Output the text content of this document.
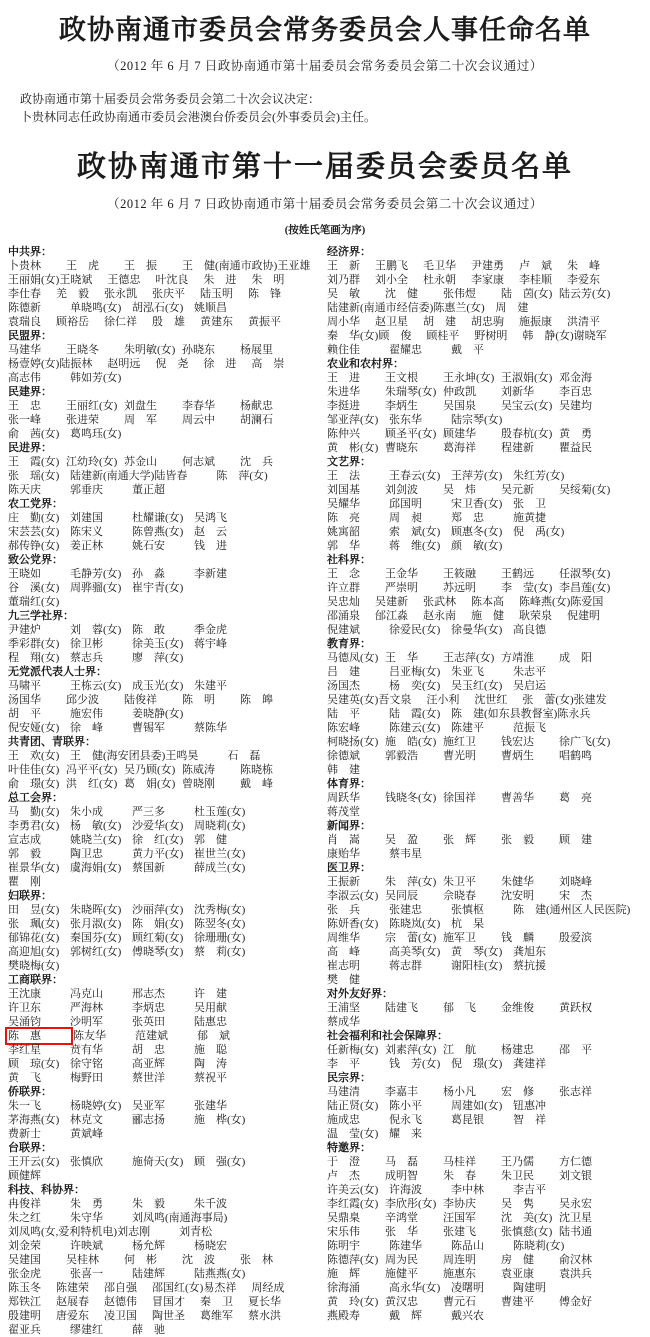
政协南通市委员会常务委员会人事任命名单
（2012 年 6 月 7 日政协南通市第十届委员会常务委员会第二十次会议通过）
政协南通市第十届委员会常务委员会第二十次会议决定：
卜贵林同志任政协南通市委员会港澳台侨委员会(外事委员会)主任。
政协南通市第十一届委员会委员名单
（2012 年 6 月 7 日政协南通市第十届委员会常务委员会第二十次会议通过）
(按姓氏笔画为序)
中共界：
卜贵林 王　虎 王　振 王　健(南通市政协)王亚雄
王丽娟(女)王晓斌 王德忠 叶沈良 朱　进 朱　明
李仕春 羌　毅 张永凯 张庆平 陆玉明 陈　锋
陈德新	单晓鸣(女) 胡泓石(女) 姚顺昌
袁瑞良 顾裕岳 徐仁祥 殷　雄 黄建东 黄振平
民盟界：
马建华 王晓冬 朱明敏(女) 孙晓东 杨展里
杨壹婷(女)陆振林 赵明远 倪　尧 徐　进 高　崇
高志伟	韩如芳(女)
民建界：
王　忠 王丽红(女) 刘盘生 李春华 杨献忠
张一峰 张进荣 周　军 周云中 胡澜石
俞　茜(女) 葛鸣珏(女)
民进界：
王　霞(女) 江幼玲(女) 苏金山 何志斌 沈　兵
张　瑶(女) 陆建新(南通大学)陆皆春	陈　萍(女)
陈天庆	郭垂庆	董正超
农工党界：
庄　勤(女) 刘建国	杜耀谦(女) 吴鸿飞
宋芸芸(女) 陈宋义	陈曾燕(女) 赵　云
郝传铮(女) 姜正林	姚石安	钱　进
致公党界：
王晓如	毛静芳(女) 孙　淼	李新建
谷　溪(女) 周骅骝(女) 崔宇青(女)
董瑞红(女)
九三学社界：
尹建炉	刘　蓉(女) 陈　敢	季金虎
季彩群(女) 徐卫彬	徐美玉(女) 蒋宇峰
程　翔(女) 蔡志兵	廖　萍(女)
无党派代表人士界：
马啸平	王栋云(女) 成玉光(女) 朱建平
汤国华 邱少波 陆俊祥 陈　明 陈　皞
胡　平	施宏伟	姜晓静(女)
倪安娅(女) 徐　峰	曹锡军	蔡陈华
共青团、青联界：
王　欢(女) 王　健(海安团县委)王鸣昊	石　磊
叶佳佳(女) 冯平平(女) 吴乃顾(女) 陈威涛 陈晓栋
俞　璟(女) 洪　红(女) 葛　娟(女) 曾晓刚 戴　峰
总工会界：
马　勤(女) 朱小成	严三多	杜玉莲(女)
李勇君(女) 杨　敏(女) 沙爱华(女) 周晓莉(女)
宣志成	姚晓兰(女) 徐　红(女) 郭　健
郭　毅	陶卫忠	黄力平(女) 崔世兰(女)
崔景华(女) 虞海娟(女) 蔡国新	薛成兰(女)
瞿　刚
妇联界：
田　昱(女) 朱晓晖(女) 沙丽萍(女) 沈秀梅(女)
张　珮(女) 张月淑(女) 陈　娟(女) 陈翌冬(女)
郁锦花(女) 秦国芬(女) 顾红菊(女) 徐珊珊(女)
高迎旭(女) 郭树红(女) 傅晓琴(女) 蔡　莉(女)
樊晓梅(女)
工商联界：
王沈康	冯克山	邢志杰	许　建
许卫东	严海林	李炳忠	吴用献
吴涌钧	沙明军	张英田	陆惠忠
陈　惠	陈友华	范建斌	郁　斌
李红星	贲有华	胡　忠	施　聪
顾　琼(女) 徐守铭	高亚辉	陶　涛
黄　飞	梅野田	蔡世洋	蔡祝平
侨联界：
朱一飞	杨晓婷(女) 吴亚军	张建华
茅海燕(女) 林克文	郦志扬	施　桦(女)
费新士	黄斌峰
台联界：
王开云(女) 张慎欣	施倚天(女) 顾　强(女)
顾健辉
科技、科协界：
冉俊祥	朱　勇	朱　毅	朱千波
朱之红	朱守华	刘凤鸣(南通海事局)
刘凤鸣(女,爱利特机电)刘志刚	刘青松
刘金荣	许映斌	杨允辉	杨晓宏
吴建国 吴桂林 何　彬 沈　波 张　林
张金虎	张喜一	陆建辉	陆燕燕(女)
陈玉冬 陈建荣 邵自强 邵国红(女)易杰祥 周经成
郑铁江 赵展春 赵德伟 冒国才 秦　卫 夏长华
殷建明 唐爱东 凌卫国 陶世圣 葛维军 蔡水洪
翟亚兵	缪建红	薛　驰
经济界：
王　新 王鹏飞 毛卫华 尹建勇 卢　斌 朱　峰
刘乃群 刘小全 杜永朝 李家康 李桂顺 李爱东
吴　敏 沈　健 张伟煜 陆　茵(女) 陆云芳(女)
陆建新(南通市经信委)陈惠兰(女) 周　建
周小华 赵卫星 胡　建 胡忠驹 施振康 洪清平
秦　华(女)顾　俊 顾桂平 野树明 韩　静(女)谢晓军
赖住佳	翟耀忠	戴　平
农业和农村界：
王　进 王文根 王永坤(女) 王淑娟(女) 邓金海
朱进华 朱瑞琴(女) 仲政凯 刘新华 李百忠
李挺进 李炳生 吴国泉 吴宝云(女) 吴建均
邹亚萍(女) 张东华	陆宗琴(女)
陈仲兴 顾圣平(女) 顾建华 殷春杭(女) 黄　勇
黄　彬(女) 曹晓东 葛海祥 程建新 瞿益民
文艺界：
王　法	王春云(女) 王萍芳(女) 朱红芳(女)
刘国基 刘剑波 吴　炜 吴元新 吴绥菊(女)
吴耀华	邱国明	宋卫香(女) 张　卫
陈　亮	周　昶	郑　忠	施黄捷
姚寓韶	索　斌(女) 顾惠冬(女) 倪　禹(女)
郭　华	蒋　维(女) 颜　敏(女)
社科界：
王　念 王金华 王筱融 王鹤远 任淑琴(女)
许立群 严崇明 苏远明 李　莹(女) 李昌莲(女)
吴忠灿 吴建新 张武林 陈本高 陈峰燕(女)陈爱国
邵涌泉 邰江淼 赵永南 施　健 耿荣泉 倪建明
倪建斌	徐爱民(女) 徐曼华(女) 高良德
教育界：
马德凤(女) 王　华 王志萍(女) 方靖淮 成　阳
吕　建	吕亚梅(女) 朱亚飞	朱志平
汤国杰	杨　奕(女) 吴玉红(女) 吴启运
吴建英(女)吾文泉 汪小利 沈世红 张　蕾(女)张建发
陆　平	陆　霞(女) 陈　建(如东县教督室)陈永兵
陈宏峰	陈建云(女) 陈建平	范振飞
柯晓扬(女) 施　皓(女) 施红卫 钱宏达 徐广飞(女)
徐德斌 郭毅浩 曹光明 曹炳生 唱鹤鸣
韩　建
体育界：
周跃华 钱晓冬(女) 徐国祥 曹善华 葛　亮
蒋茂堂
新闻界：
肖　嵩 吴　盈 张　辉 张　毅 顾　建
康贻华	蔡韦星
医卫界：
王振新 朱　萍(女) 朱卫平 朱健华 刘晓峰
李淑云(女) 吴同辰 佘晓春 沈安明 宋　杰
张　兵	张建忠	张慎枢	陈　建(通州区人民医院)
陈妍香(女) 陈晓岚(女) 杭　杲
周维华 宗　蕾(女) 施军卫 钱　麟 殷爱滨
高　峰	高美琴(女) 黄　琴(女) 龚旭东
崔志明	蒋志群	谢阳桂(女) 蔡抗援
樊　健
对外友好界：
王浦坚 陆建飞 郁　飞 金维俊 黄跃权
蔡成华
社会福利和社会保障界：
任新梅(女) 刘素萍(女) 江　航 杨建忠 邵　平
李　平	钱　芳(女) 倪　璟(女) 龚建祥
民宗界：
马建清 李嘉丰 杨小凡 宏　修 张志祥
陆正贤(女) 陈小平	周建如(女) 钮惠冲
施成忠	倪永飞	葛昆银	智　祥
温　莹(女) 耀　来
特邀界：
于　澄 马　磊 马桂祥 王乃儒 方仁德
卢　杰 成明智 朱　春 朱卫民 刘文银
许美云(女) 许海波	李中林	李吉平
李红霞(女) 李欣彤(女) 李协庆 吴　隽 吴永宏
吴鼎臬 辛鸿堂 汪国军 沈　美(女) 沈卫星
宋乐伟 张　华 张建飞 张慎慈(女) 陆书通
陈明宇	陈建华	陈品山	陈晓莉(女)
陈德萍(女) 周为民 周连明 房　健 俞汉林
施　辉 施健平 施惠东 袁亚康 袁洪兵
徐海涌	高永华(女) 凌曙明	陶建明
黄　玲(女) 黄汉忠 曹元石 曹建平 傅金好
燕殿寿	戴　辉	戴兴农
